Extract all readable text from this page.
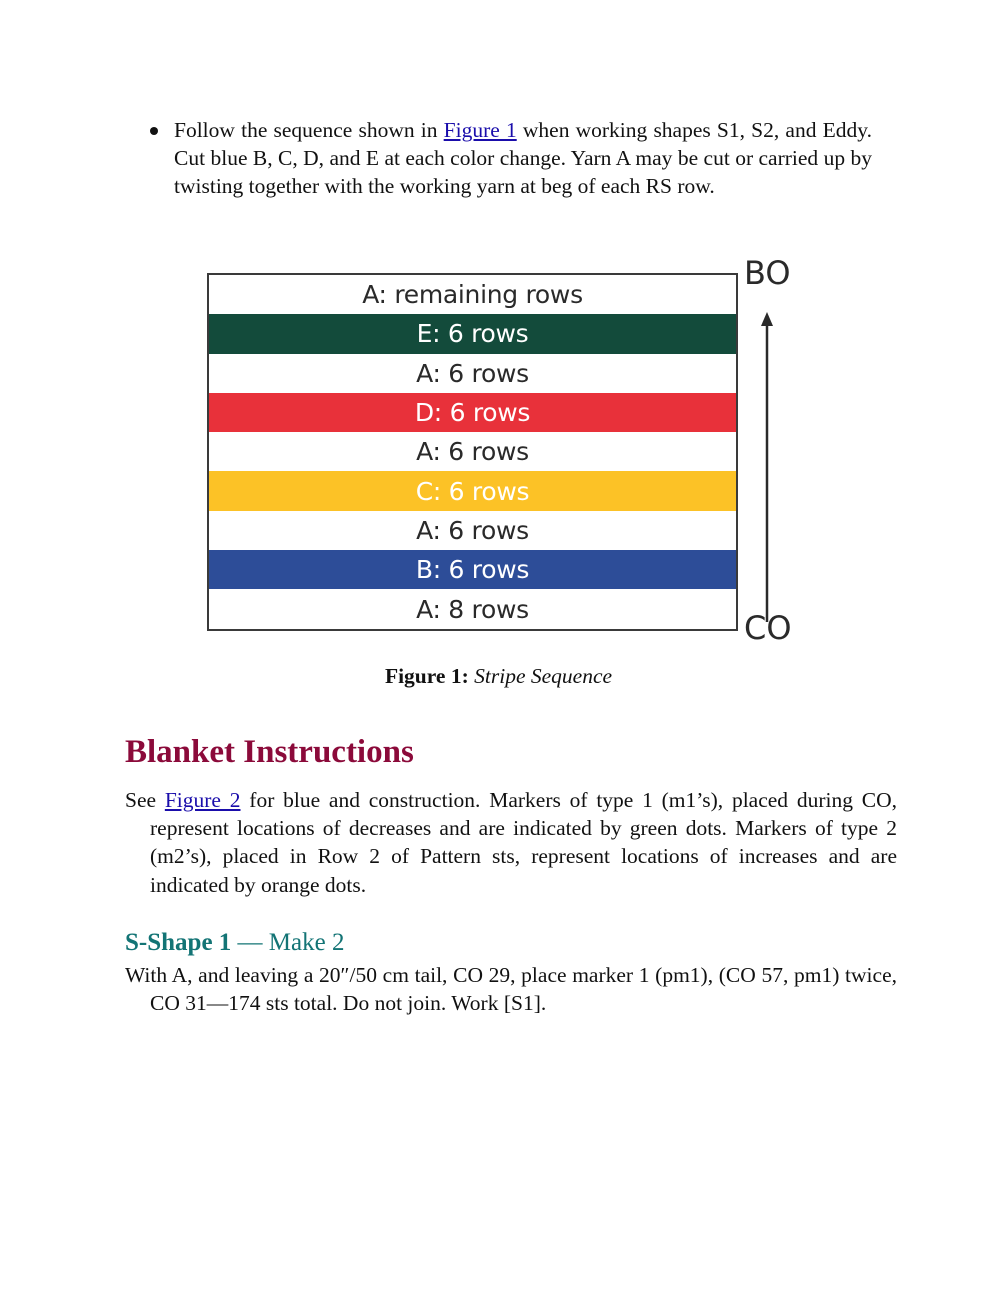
Follow the sequence shown in Figure 1 when working shapes S1, S2, and Eddy. Cut blue B, C, D, and E at each color change. Yarn A may be cut or carried up by twisting together with the working yarn at beg of each RS row.
A: remaining rows
E: 6 rows
A: 6 rows
D: 6 rows
A: 6 rows
C: 6 rows
A: 6 rows
B: 6 rows
A: 8 rows
BO
CO
Figure 1: Stripe Sequence
Blanket Instructions
See Figure 2 for blue and construction. Markers of type 1 (m1’s), placed during CO, represent locations of decreases and are indicated by green dots. Markers of type 2 (m2’s), placed in Row 2 of Pattern sts, represent locations of increases and are indicated by orange dots.
S-Shape 1 — Make 2
With A, and leaving a 20″/50 cm tail, CO 29, place marker 1 (pm1), (CO 57, pm1) twice, CO 31—174 sts total. Do not join. Work [S1].
